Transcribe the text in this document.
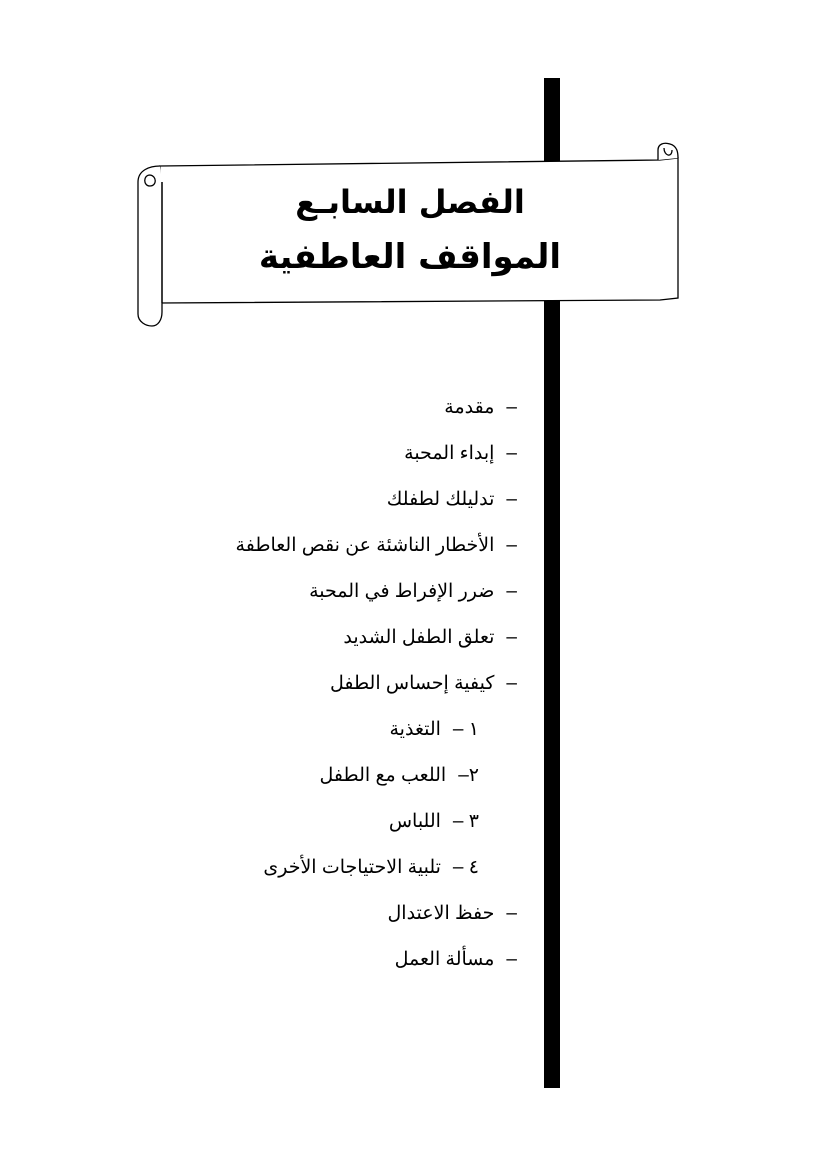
الفصل السابـع
المواقف العاطفية
–مقدمة
–إبداء المحبة
–تدليلك لطفلك
–الأخطار الناشئة عن نقص العاطفة
–ضرر الإفراط في المحبة
–تعلق الطفل الشديد
–كيفية إحساس الطفل
١ –التغذية
٢–اللعب مع الطفل
٣ –اللباس
٤ –تلبية الاحتياجات الأخرى
–حفظ الاعتدال
–مسألة العمل
